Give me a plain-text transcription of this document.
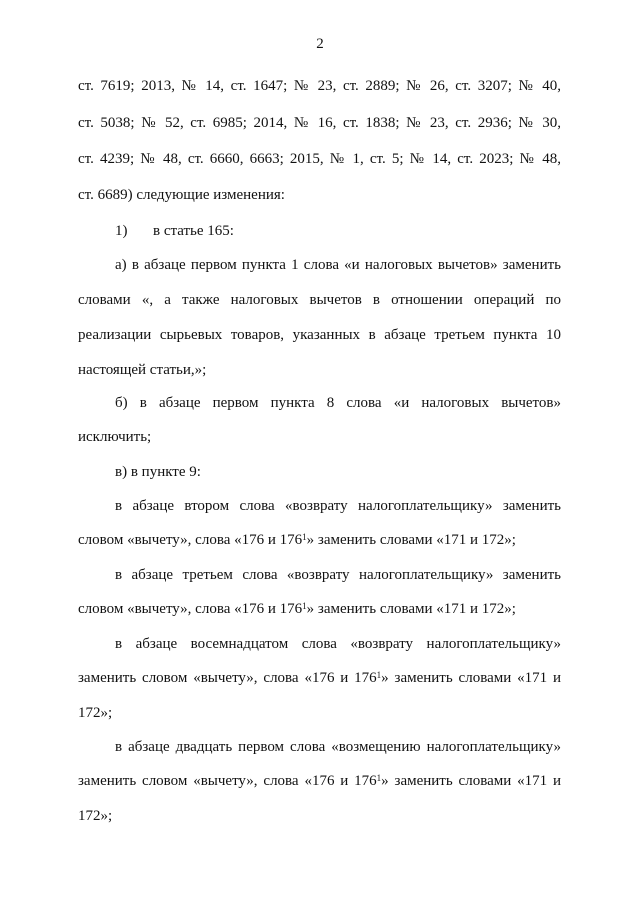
2
ст. 7619; 2013, № 14, ст. 1647; № 23, ст. 2889; № 26, ст. 3207; № 40,
ст. 5038; № 52, ст. 6985; 2014, № 16, ст. 1838; № 23, ст. 2936; № 30,
ст. 4239; № 48, ст. 6660, 6663; 2015, № 1, ст. 5; № 14, ст. 2023; № 48,
ст. 6689) следующие изменения:
1) в статье 165:
а) в абзаце первом пункта 1 слова «и налоговых вычетов» заменить
словами «, а также налоговых вычетов в отношении операций по
реализации сырьевых товаров, указанных в абзаце третьем пункта 10
настоящей статьи,»;
б) в абзаце первом пункта 8 слова «и налоговых вычетов»
исключить;
в) в пункте 9:
в абзаце втором слова «возврату налогоплательщику» заменить
словом «вычету», слова «176 и $176^1$» заменить словами «171 и 172»;
в абзаце третьем слова «возврату налогоплательщику» заменить
словом «вычету», слова «176 и $176^1$» заменить словами «171 и 172»;
в абзаце восемнадцатом слова «возврату налогоплательщику»
заменить словом «вычету», слова «176 и $176^1$» заменить словами «171 и
172»;
в абзаце двадцать первом слова «возмещению налогоплательщику»
заменить словом «вычету», слова «176 и $176^1$» заменить словами «171 и
172»;
